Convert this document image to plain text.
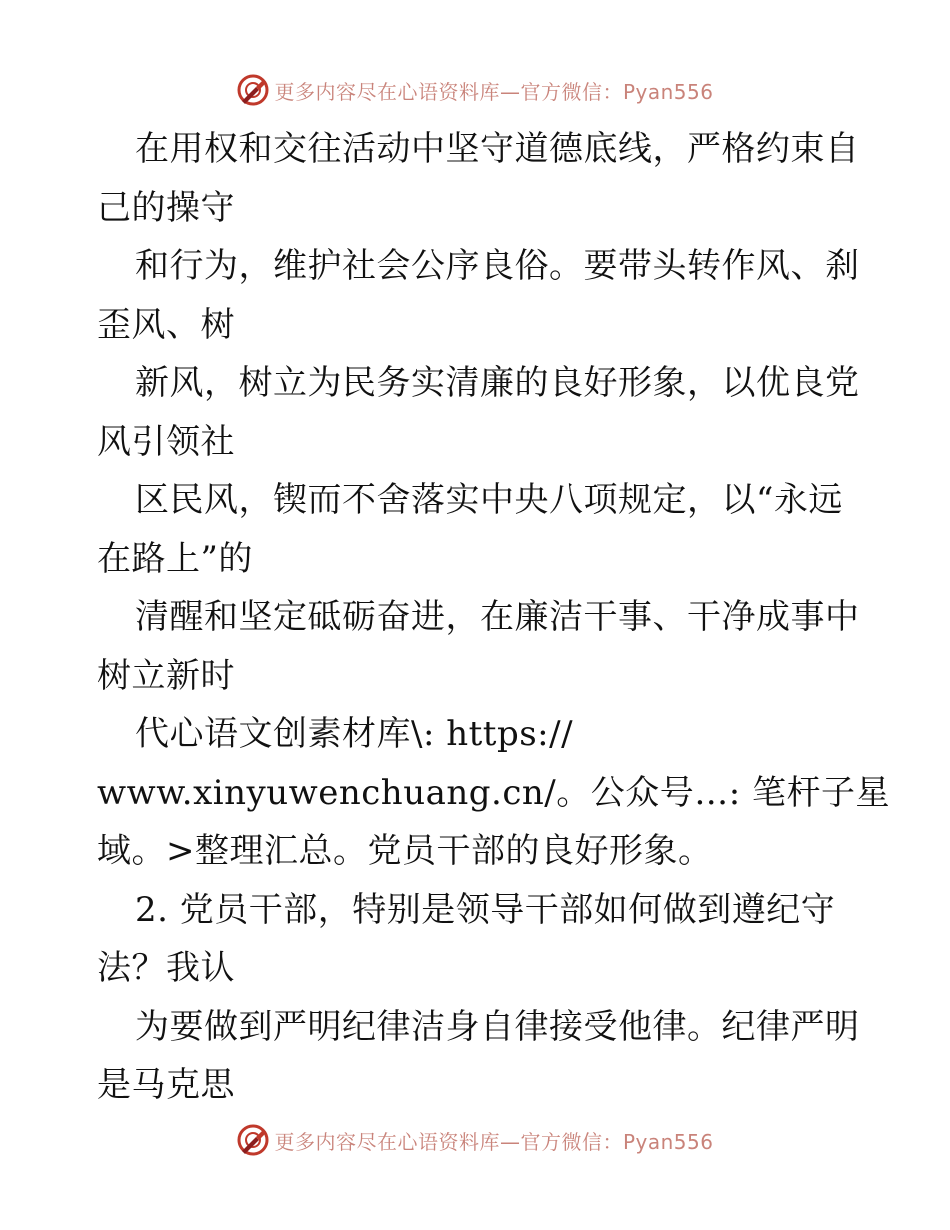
更多内容尽在心语资料库—官方微信：Pyan556
在用权和交往活动中坚守道德底线，严格约束自
己的操守
和行为，维护社会公序良俗。要带头转作风、刹
歪风、树
新风，树立为民务实清廉的良好形象，以优良党
风引领社
区民风，锲而不舍落实中央八项规定，以“永远
在路上”的
清醒和坚定砥砺奋进，在廉洁干事、干净成事中
树立新时
代心语文创素材库\: https://
www.xinyuwenchuang.cn/。公众号…: 笔杆子星
域。>整理汇总。党员干部的良好形象。
2. 党员干部，特别是领导干部如何做到遵纪守
法？我认
为要做到严明纪律洁身自律接受他律。纪律严明
是马克思
更多内容尽在心语资料库—官方微信：Pyan556
